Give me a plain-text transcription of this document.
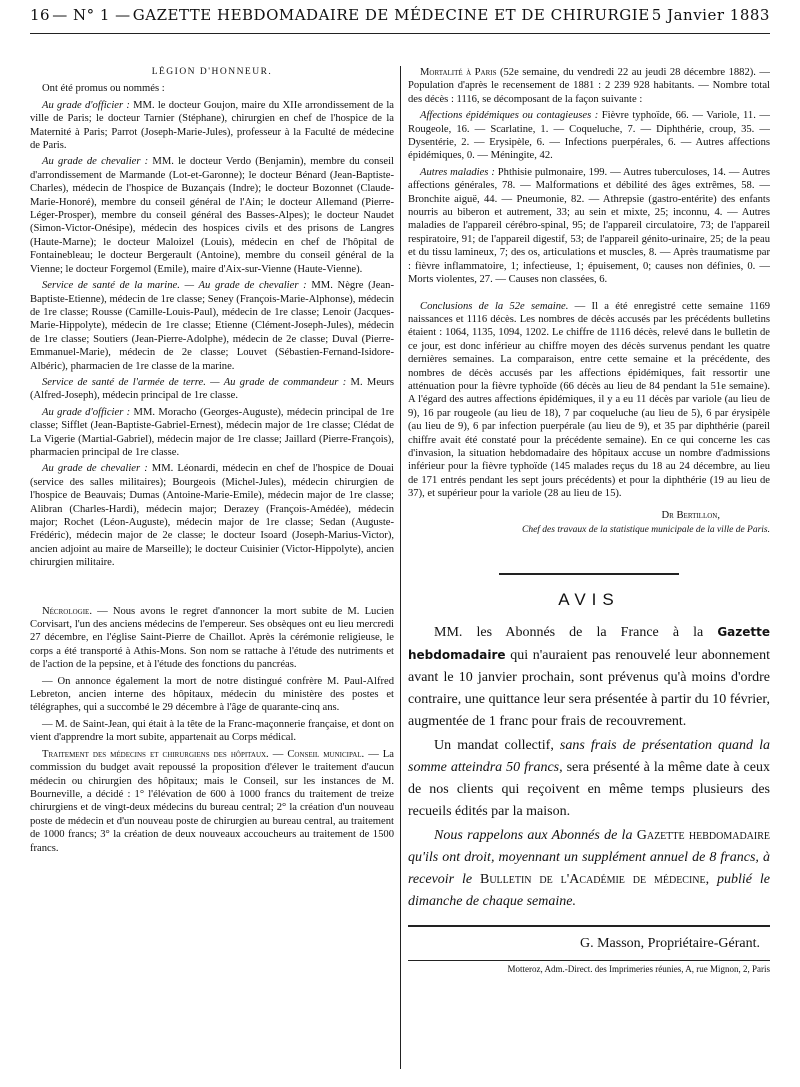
16 — N° 1 — GAZETTE HEBDOMADAIRE DE MÉDECINE ET DE CHIRURGIE 5 Janvier 1883

LÉGION D'HONNEUR.

Ont été promus ou nommés :

Au grade d'officier : MM. le docteur Goujon, maire du XIIe arrondissement de la ville de Paris; le docteur Tarnier (Stéphane), chirurgien en chef de l'hospice de la Maternité à Paris; Parrot (Joseph-Marie-Jules), professeur à la Faculté de médecine de Paris.

Au grade de chevalier : MM. le docteur Verdo (Benjamin), membre du conseil d'arrondissement de Marmande (Lot-et-Garonne); le docteur Bénard (Jean-Baptiste-Charles), médecin de l'hospice de Buzançais (Indre); le docteur Bozonnet (Claude-Marie-Honoré), membre du conseil général de l'Ain; le docteur Allemand (Pierre-Léger-Prosper), membre du conseil général des Basses-Alpes); le docteur Naudet (Simon-Victor-Onésipe), médecin des hospices civils et des prisons de Langres (Haute-Marne); le docteur Maloizel (Louis), médecin en chef de l'hôpital de Fontainebleau; le docteur Bergerault (Antoine), membre du conseil général de la Vienne; le docteur Forgemol (Emile), maire d'Aix-sur-Vienne (Haute-Vienne).

Service de santé de la marine. — Au grade de chevalier : MM. Nègre (Jean-Baptiste-Etienne), médecin de 1re classe; Seney (François-Marie-Alphonse), médecin de 1re classe; Rousse (Camille-Louis-Paul), médecin de 1re classe; Lenoir (Jacques-Marie-Hippolyte), médecin de 1re classe; Etienne (Clément-Joseph-Jules), médecin de 1re classe; Soutiers (Jean-Pierre-Adolphe), médecin de 2e classe; Duval (Pierre-Emmanuel-Marie), médecin de 2e classe; Louvet (Sébastien-Fernand-Isidore-Albéric), pharmacien de 1re classe de la marine.

Service de santé de l'armée de terre. — Au grade de commandeur : M. Meurs (Alfred-Joseph), médecin principal de 1re classe.

Au grade d'officier : MM. Moracho (Georges-Auguste), médecin principal de 1re classe; Sifflet (Jean-Baptiste-Gabriel-Ernest), médecin major de 1re classe; Clédat de La Vigerie (Martial-Gabriel), médecin major de 1re classe; Jaillard (Pierre-François), pharmacien principal de 1re classe.

Au grade de chevalier : MM. Léonardi, médecin en chef de l'hospice de Douai (service des salles militaires); Bourgeois (Michel-Jules), médecin chirurgien de l'hospice de Beauvais; Dumas (Antoine-Marie-Emile), médecin major de 1re classe; Alibran (Charles-Hardi), médecin major; Derazey (François-Amédée), médecin major; Rochet (Léon-Auguste), médecin major de 1re classe; Sedan (Auguste-Frédéric), médecin major de 2e classe; le docteur Isoard (Joseph-Marius-Victor), ancien adjoint au maire de Marseille); le docteur Cuisinier (Victor-Hippolyte), ancien chirurgien militaire.

Nécrologie. — Nous avons le regret d'annoncer la mort subite de M. Lucien Corvisart, l'un des anciens médecins de l'empereur. Ses obsèques ont eu lieu mercredi 27 décembre, en l'église Saint-Pierre de Chaillot. Après la cérémonie religieuse, le corps a été transporté à Athis-Mons. Son nom se rattache à l'étude des nutriments et de l'action de la pepsine, et à l'étude des fonctions du pancréas.

— On annonce également la mort de notre distingué confrère M. Paul-Alfred Lebreton, ancien interne des hôpitaux, médecin du ministère des postes et télégraphes, qui a succombé le 29 décembre à l'âge de quarante-cinq ans.

— M. de Saint-Jean, qui était à la tête de la Franc-maçonnerie française, et dont on vient d'apprendre la mort subite, appartenait au Corps médical.

Traitement des médecins et chirurgiens des hôpitaux. — Conseil municipal. — La commission du budget avait repoussé la proposition d'élever le traitement d'aucun médecin ou chirurgien des hôpitaux; mais le Conseil, sur les instances de M. Bourneville, a décidé : 1° l'élévation de 600 à 1000 francs du traitement de treize chirurgiens et de vingt-deux médecins du bureau central; 2° la création d'un nouveau poste de médecin et d'un nouveau poste de chirurgien au bureau central, au traitement de 1000 francs; 3° la création de deux nouveaux accoucheurs au traitement de 1500 francs.

Mortalité à Paris (52e semaine, du vendredi 22 au jeudi 28 décembre 1882). — Population d'après le recensement de 1881 : 2 239 928 habitants. — Nombre total des décès : 1116, se décomposant de la façon suivante :

Affections épidémiques ou contagieuses : Fièvre typhoïde, 66. — Variole, 11. — Rougeole, 16. — Scarlatine, 1. — Coqueluche, 7. — Diphthérie, croup, 35. — Dysentérie, 2. — Erysipèle, 6. — Infections puerpérales, 6. — Autres affections épidémiques, 0. — Méningite, 42.

Autres maladies : Phthisie pulmonaire, 199. — Autres tuberculoses, 14. — Autres affections générales, 78. — Malformations et débilité des âges extrêmes, 58. — Bronchite aiguë, 44. — Pneumonie, 82. — Athrepsie (gastro-entérite) des enfants nourris au biberon et autrement, 33; au sein et mixte, 25; inconnu, 4. — Autres maladies de l'appareil cérébro-spinal, 95; de l'appareil circulatoire, 73; de l'appareil respiratoire, 91; de l'appareil digestif, 53; de l'appareil génito-urinaire, 25; de la peau et du tissu lamineux, 7; des os, articulations et muscles, 8. — Après traumatisme par : fièvre inflammatoire, 1; infectieuse, 1; épuisement, 0; causes non définies, 0. — Morts violentes, 27. — Causes non classées, 6.

Conclusions de la 52e semaine. — Il a été enregistré cette semaine 1169 naissances et 1116 décès. Les nombres de décès accusés par les précédents bulletins étaient : 1064, 1135, 1094, 1202. Le chiffre de 1116 décès, relevé dans le bulletin de ce jour, est donc inférieur au chiffre moyen des décès survenus pendant les quatre dernières semaines. La comparaison, entre cette semaine et la précédente, des nombres de décès accusés par les affections épidémiques, fait ressortir une atténuation pour la fièvre typhoïde (66 décès au lieu de 84 pendant la 51e semaine). A l'égard des autres affections épidémiques, il y a eu 11 décès par variole (au lieu de 9), 16 par rougeole (au lieu de 18), 7 par coqueluche (au lieu de 5), 6 par érysipèle (au lieu de 9), 6 par infection puerpérale (au lieu de 9), et 35 par diphthérie (pareil chiffre avait été constaté pour la précédente semaine). En ce qui concerne les cas d'invasion, la situation hebdomadaire des hôpitaux accuse un nombre d'admissions inférieur pour la fièvre typhoïde (145 malades reçus du 18 au 24 décembre, au lieu de 171 entrés pendant les sept jours précédents) et pour la diphthérie (19 au lieu de 37), et supérieur pour la variole (28 au lieu de 15).

Dr Bertillon,

Chef des travaux de la statistique municipale de la ville de Paris.

AVIS

MM. les Abonnés de la France à la Gazette hebdomadaire qui n'auraient pas renouvelé leur abonnement avant le 10 janvier prochain, sont prévenus qu'à moins d'ordre contraire, une quittance leur sera présentée à partir du 10 février, augmentée de 1 franc pour frais de recouvrement.

Un mandat collectif, sans frais de présentation quand la somme atteindra 50 francs, sera présenté à la même date à ceux de nos clients qui reçoivent en même temps plusieurs des recueils édités par la maison.

Nous rappelons aux Abonnés de la Gazette hebdomadaire qu'ils ont droit, moyennant un supplément annuel de 8 francs, à recevoir le Bulletin de l'Académie de médecine, publié le dimanche de chaque semaine.

G. Masson, Propriétaire-Gérant.

Motteroz, Adm.-Direct. des Imprimeries réunies, A, rue Mignon, 2, Paris
